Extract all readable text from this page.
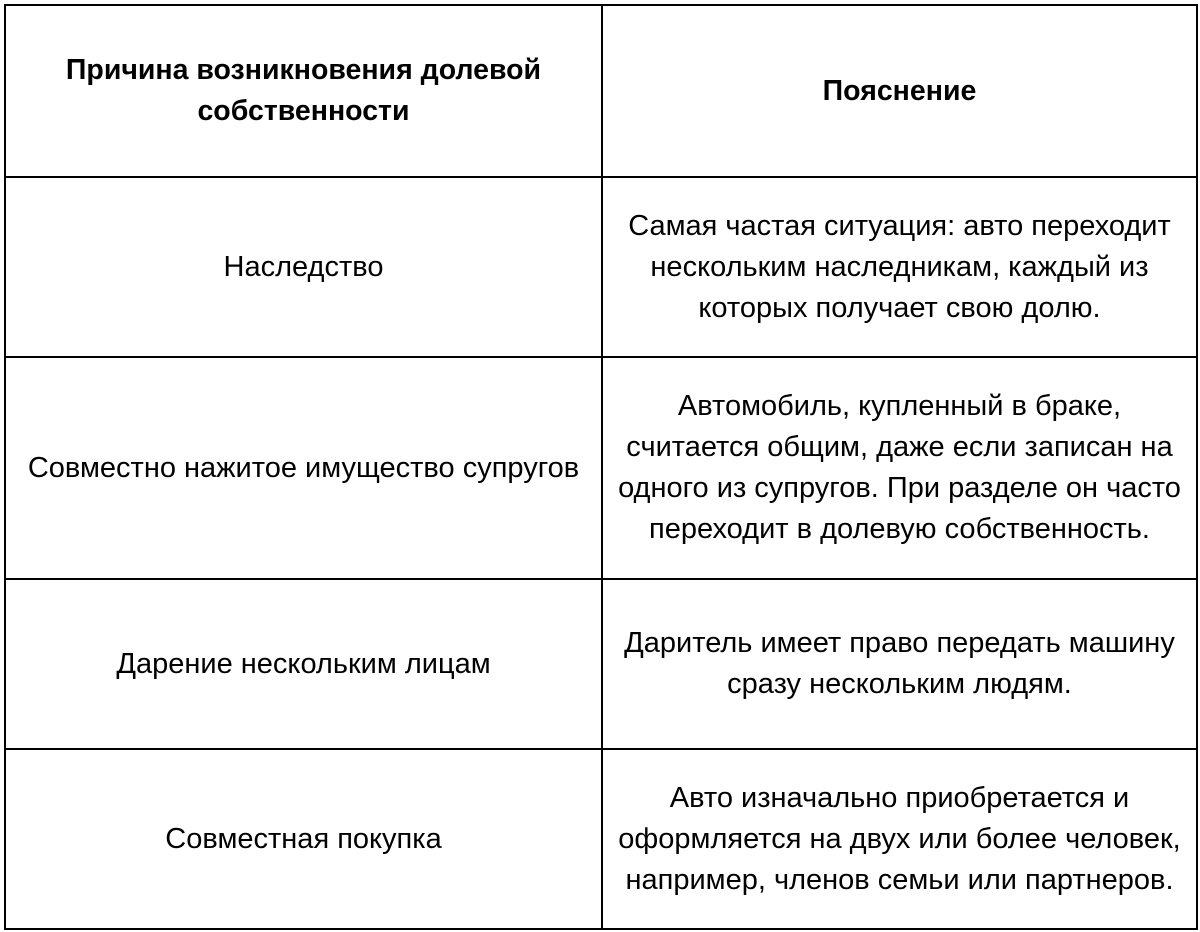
Причина возникновения долевой собственности	Пояснение
Наследство	Самая частая ситуация: авто переходит нескольким наследникам, каждый из которых получает свою долю.
Совместно нажитое имущество супругов	Автомобиль, купленный в браке, считается общим, даже если записан на одного из супругов. При разделе он часто переходит в долевую собственность.
Дарение нескольким лицам	Даритель имеет право передать машину сразу нескольким людям.
Совместная покупка	Авто изначально приобретается и оформляется на двух или более человек, например, членов семьи или партнеров.
